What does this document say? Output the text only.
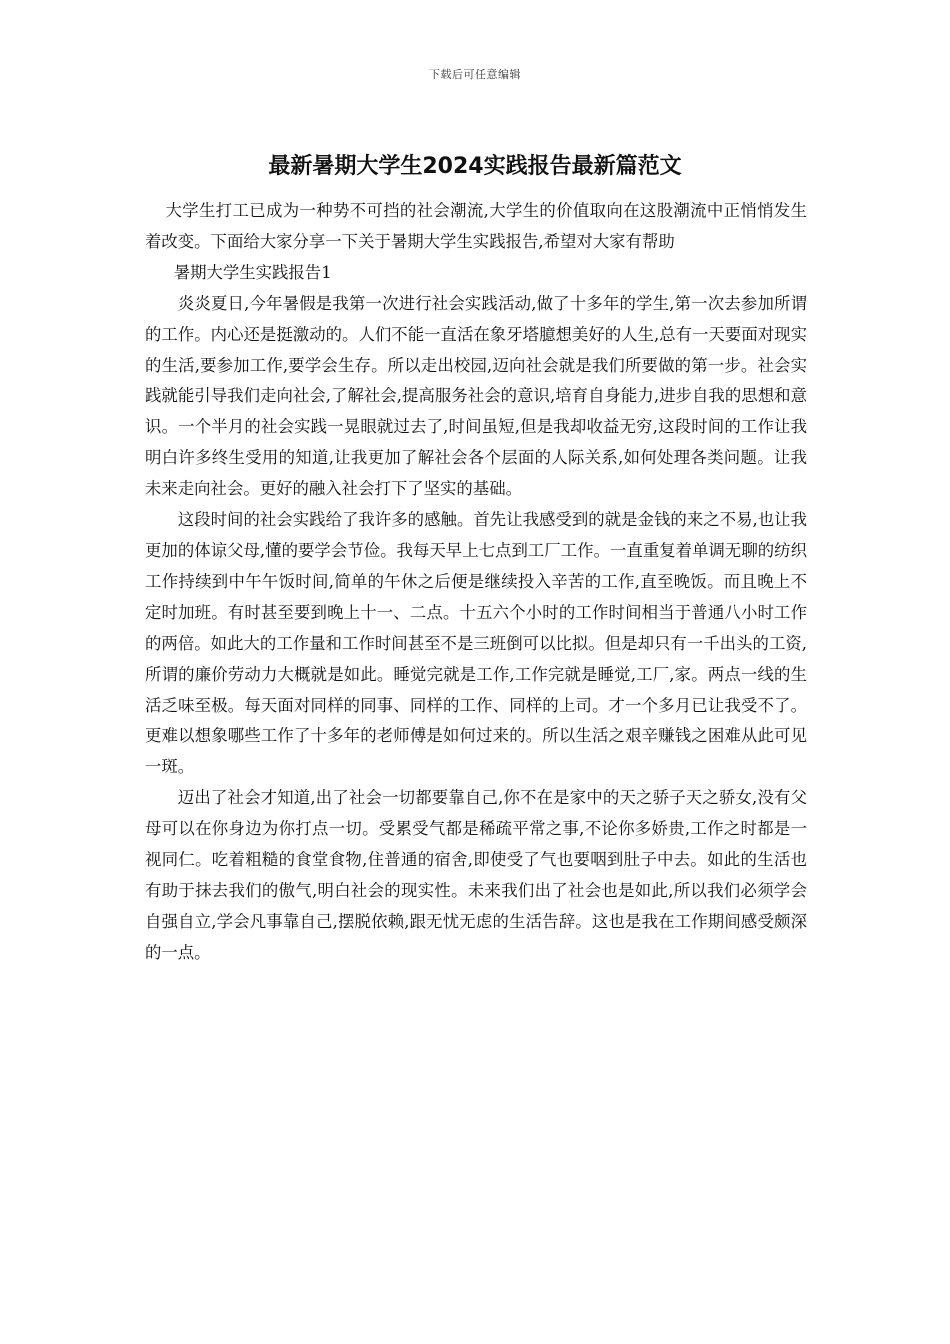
下载后可任意编辑
最新暑期大学生2024实践报告最新篇范文

大学生打工已成为一种势不可挡的社会潮流,大学生的价值取向在这股潮流中正悄悄发生着改变。下面给大家分享一下关于暑期大学生实践报告,希望对大家有帮助

暑期大学生实践报告1

炎炎夏日,今年暑假是我第一次进行社会实践活动,做了十多年的学生,第一次去参加所谓的工作。内心还是挺激动的。人们不能一直活在象牙塔臆想美好的人生,总有一天要面对现实的生活,要参加工作,要学会生存。所以走出校园,迈向社会就是我们所要做的第一步。社会实践就能引导我们走向社会,了解社会,提高服务社会的意识,培育自身能力,进步自我的思想和意识。一个半月的社会实践一晃眼就过去了,时间虽短,但是我却收益无穷,这段时间的工作让我明白许多终生受用的知道,让我更加了解社会各个层面的人际关系,如何处理各类问题。让我未来走向社会。更好的融入社会打下了坚实的基础。

这段时间的社会实践给了我许多的感触。首先让我感受到的就是金钱的来之不易,也让我更加的体谅父母,懂的要学会节俭。我每天早上七点到工厂工作。一直重复着单调无聊的纺织工作持续到中午午饭时间,简单的午休之后便是继续投入辛苦的工作,直至晚饭。而且晚上不定时加班。有时甚至要到晚上十一、二点。十五六个小时的工作时间相当于普通八小时工作的两倍。如此大的工作量和工作时间甚至不是三班倒可以比拟。但是却只有一千出头的工资,所谓的廉价劳动力大概就是如此。睡觉完就是工作,工作完就是睡觉,工厂,家。两点一线的生活乏味至极。每天面对同样的同事、同样的工作、同样的上司。才一个多月已让我受不了。更难以想象哪些工作了十多年的老师傅是如何过来的。所以生活之艰辛赚钱之困难从此可见一斑。

迈出了社会才知道,出了社会一切都要靠自己,你不在是家中的天之骄子天之骄女,没有父母可以在你身边为你打点一切。受累受气都是稀疏平常之事,不论你多娇贵,工作之时都是一视同仁。吃着粗糙的食堂食物,住普通的宿舍,即使受了气也要咽到肚子中去。如此的生活也有助于抹去我们的傲气,明白社会的现实性。未来我们出了社会也是如此,所以我们必须学会自强自立,学会凡事靠自己,摆脱依赖,跟无忧无虑的生活告辞。这也是我在工作期间感受颇深的一点。
